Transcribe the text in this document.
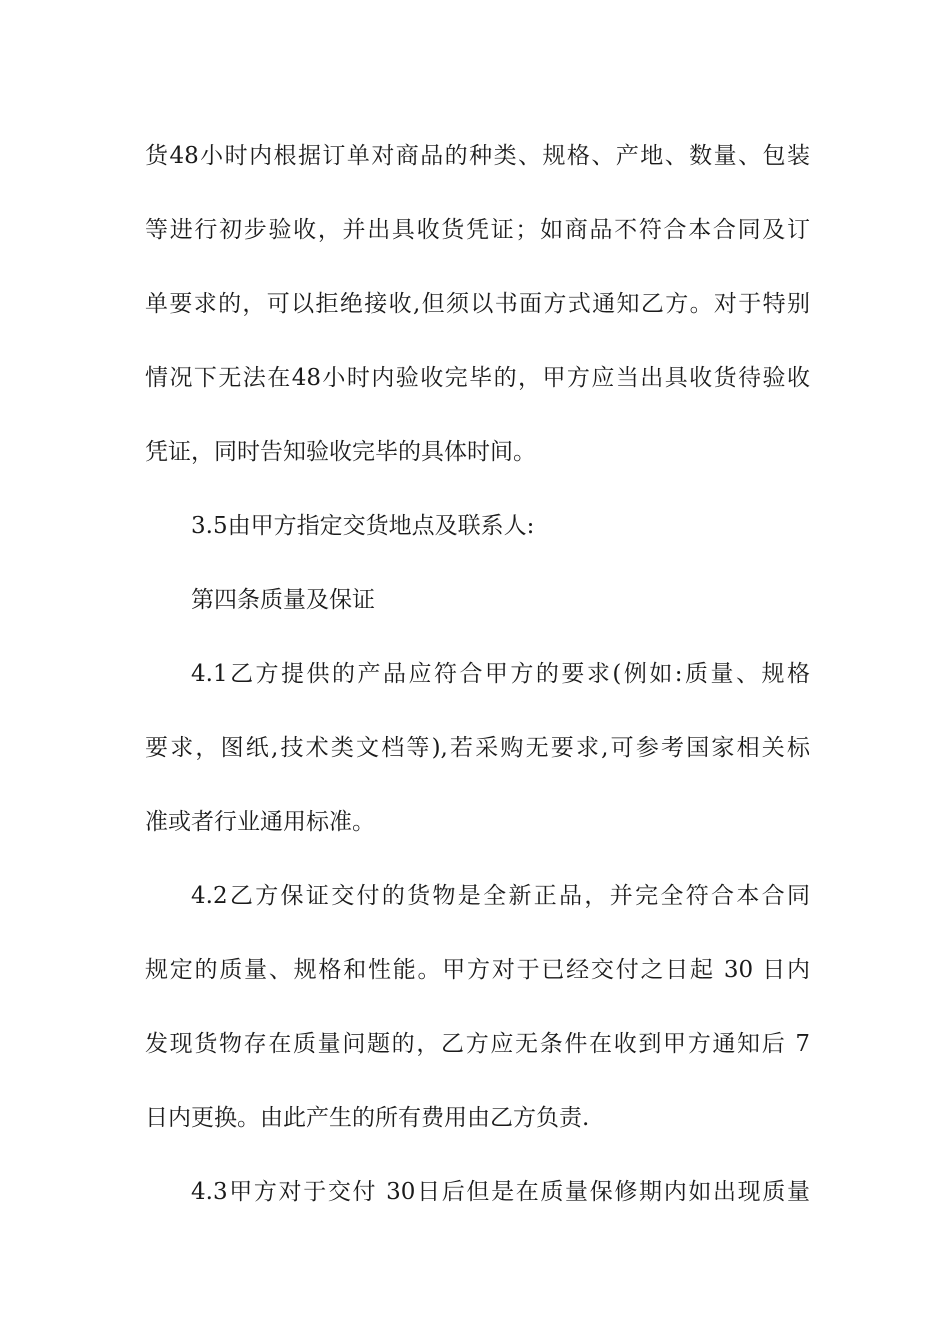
货48小时内根据订单对商品的种类、规格、产地、数量、包装
等进行初步验收，并出具收货凭证；如商品不符合本合同及订
单要求的，可以拒绝接收,但须以书面方式通知乙方。对于特别
情况下无法在48小时内验收完毕的，甲方应当出具收货待验收
凭证，同时告知验收完毕的具体时间。
3.5由甲方指定交货地点及联系人:
第四条质量及保证
4.1乙方提供的产品应符合甲方的要求(例如:质量、规格
要求，图纸,技术类文档等),若采购无要求,可参考国家相关标
准或者行业通用标准。
4.2乙方保证交付的货物是全新正品，并完全符合本合同
规定的质量、规格和性能。甲方对于已经交付之日起 30 日内
发现货物存在质量问题的，乙方应无条件在收到甲方通知后 7
日内更换。由此产生的所有费用由乙方负责.
4.3甲方对于交付 30日后但是在质量保修期内如出现质量
